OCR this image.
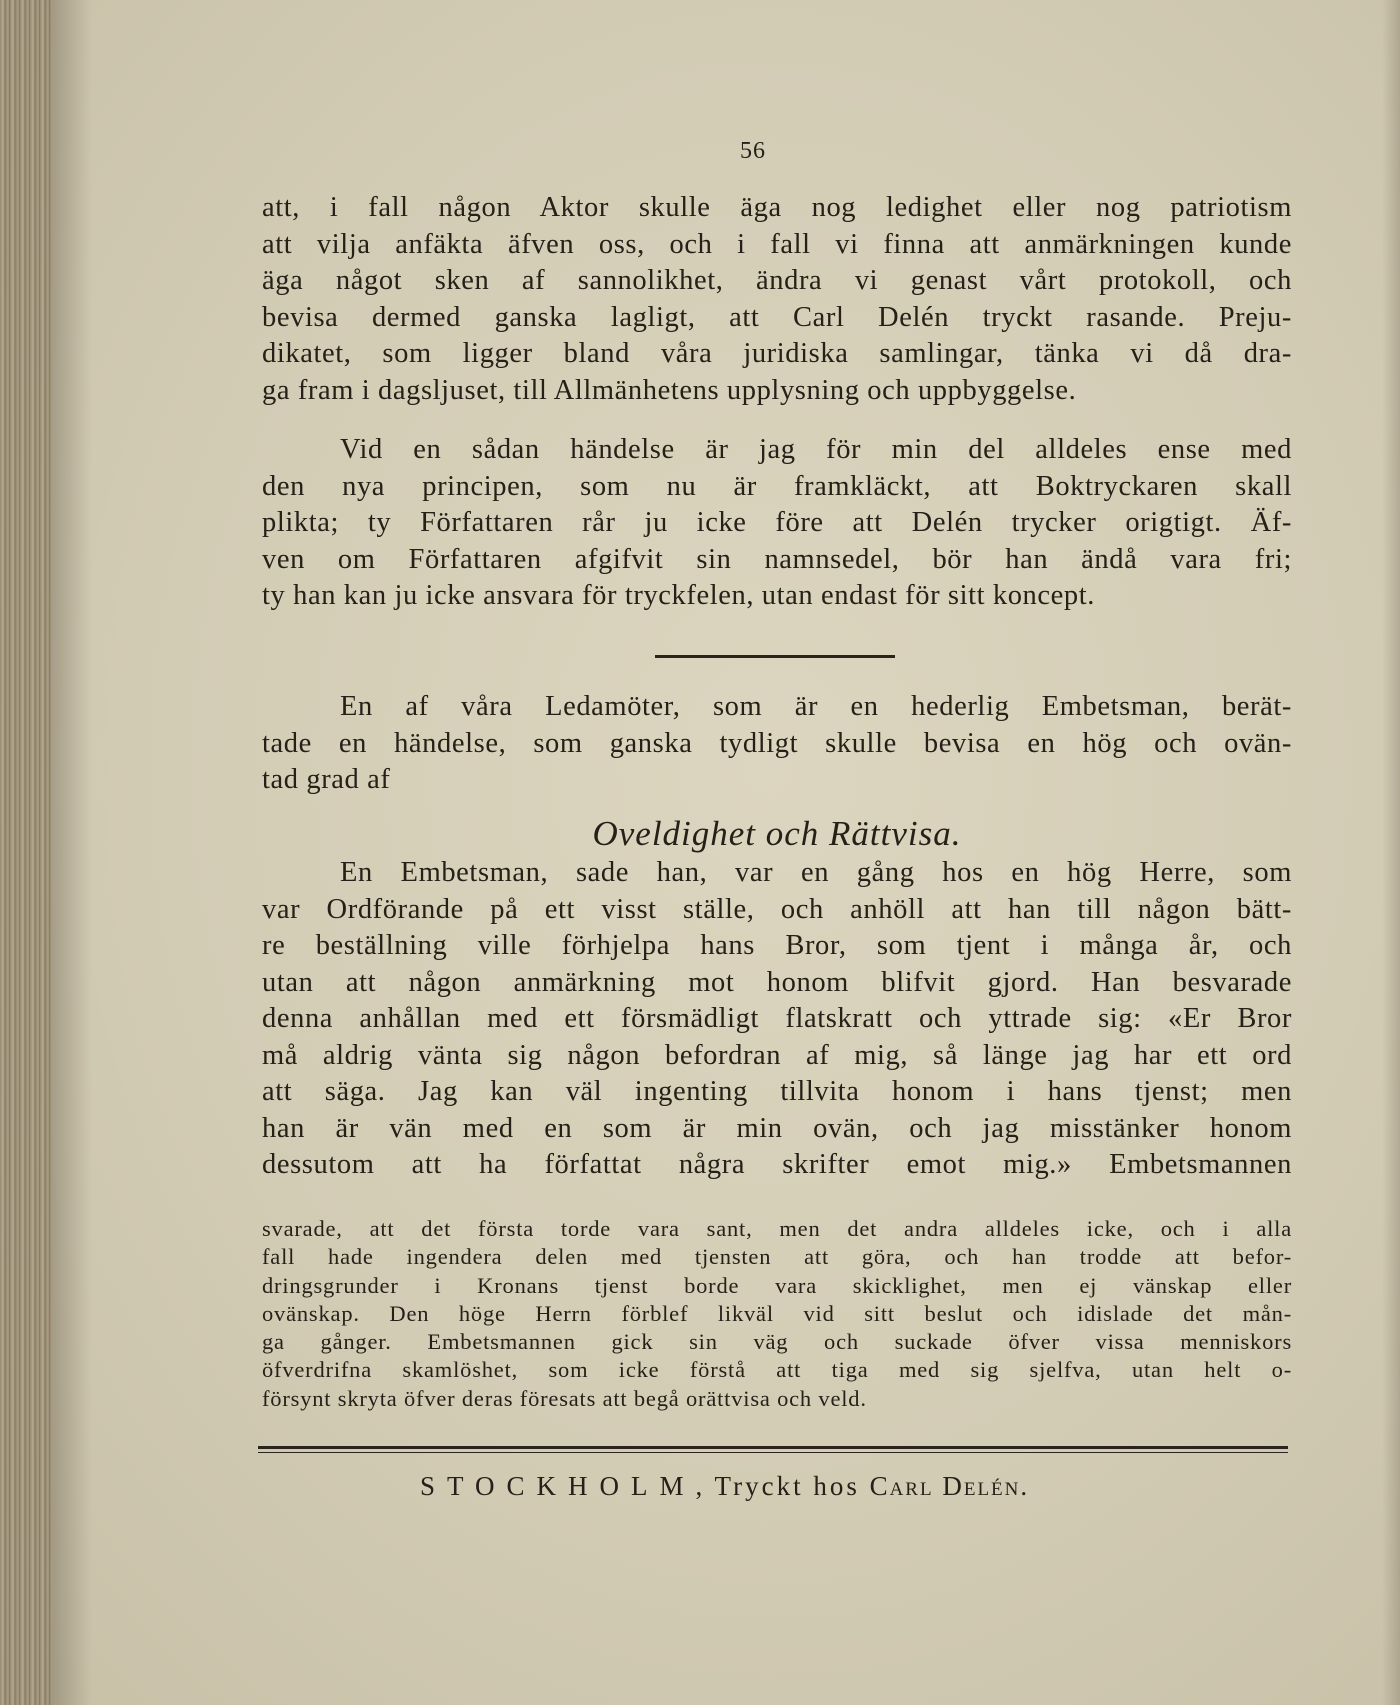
56
att, i fall någon Aktor skulle äga nog ledighet eller nog patriotism
att vilja anfäkta äfven oss, och i fall vi finna att anmärkningen kunde
äga något sken af sannolikhet, ändra vi genast vårt protokoll, och
bevisa dermed ganska lagligt, att Carl Delén tryckt rasande. Preju-
dikatet, som ligger bland våra juridiska samlingar, tänka vi då dra-
ga fram i dagsljuset, till Allmänhetens upplysning och uppbyggelse.
Vid en sådan händelse är jag för min del alldeles ense med
den nya principen, som nu är framkläckt, att Boktryckaren skall
plikta; ty Författaren rår ju icke före att Delén trycker origtigt. Äf-
ven om Författaren afgifvit sin namnsedel, bör han ändå vara fri;
ty han kan ju icke ansvara för tryckfelen, utan endast för sitt koncept.
En af våra Ledamöter, som är en hederlig Embetsman, berät-
tade en händelse, som ganska tydligt skulle bevisa en hög och ovän-
tad grad af
Oveldighet och Rättvisa.
En Embetsman, sade han, var en gång hos en hög Herre, som
var Ordförande på ett visst ställe, och anhöll att han till någon bätt-
re beställning ville förhjelpa hans Bror, som tjent i många år, och
utan att någon anmärkning mot honom blifvit gjord. Han besvarade
denna anhållan med ett försmädligt flatskratt och yttrade sig: «Er Bror
må aldrig vänta sig någon befordran af mig, så länge jag har ett ord
att säga. Jag kan väl ingenting tillvita honom i hans tjenst; men
han är vän med en som är min ovän, och jag misstänker honom
dessutom att ha författat några skrifter emot mig.» Embetsmannen
svarade, att det första torde vara sant, men det andra alldeles icke, och i alla
fall hade ingendera delen med tjensten att göra, och han trodde att befor-
dringsgrunder i Kronans tjenst borde vara skicklighet, men ej vänskap eller
ovänskap. Den höge Herrn förblef likväl vid sitt beslut och idislade det mån-
ga gånger. Embetsmannen gick sin väg och suckade öfver vissa menniskors
öfverdrifna skamlöshet, som icke förstå att tiga med sig sjelfva, utan helt o-
försynt skryta öfver deras föresats att begå orättvisa och veld.
STOCKHOLM, Tryckt hos Carl Delén.
